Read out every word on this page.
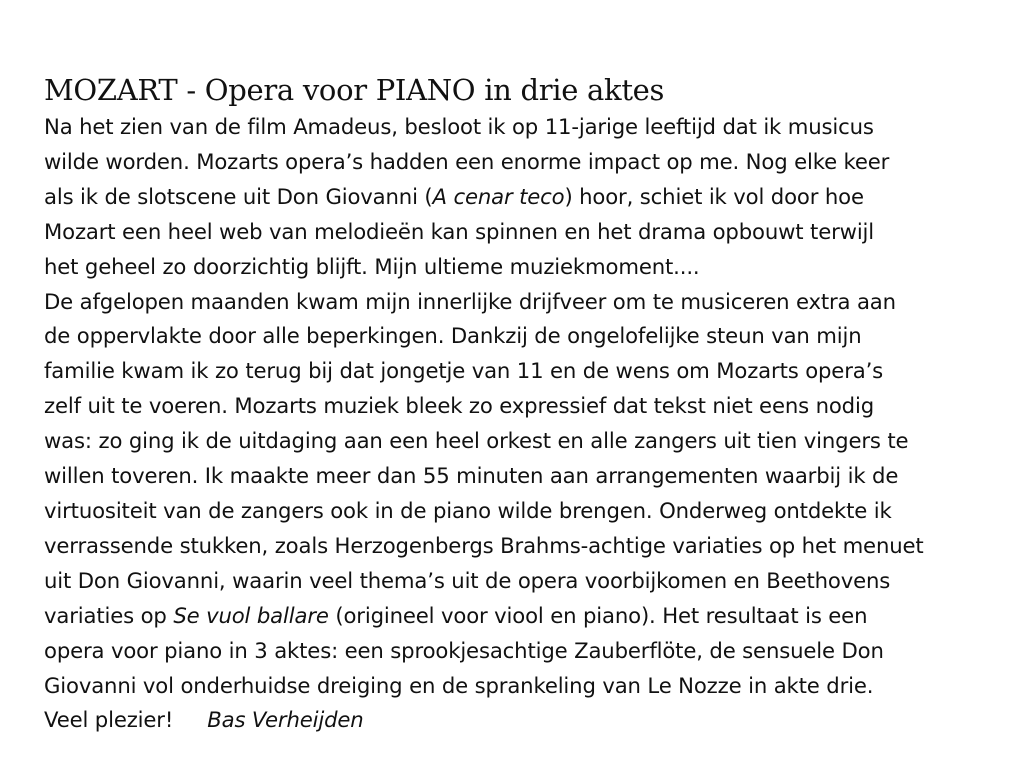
MOZART - Opera voor PIANO in drie aktes
Na het zien van de film Amadeus, besloot ik op 11-jarige leeftijd dat ik musicus
wilde worden. Mozarts opera’s hadden een enorme impact op me. Nog elke keer
als ik de slotscene uit Don Giovanni (A cenar teco) hoor, schiet ik vol door hoe
Mozart een heel web van melodieën kan spinnen en het drama opbouwt terwijl
het geheel zo doorzichtig blijft. Mijn ultieme muziekmoment....
De afgelopen maanden kwam mijn innerlijke drijfveer om te musiceren extra aan
de oppervlakte door alle beperkingen. Dankzij de ongelofelijke steun van mijn
familie kwam ik zo terug bij dat jongetje van 11 en de wens om Mozarts opera’s
zelf uit te voeren. Mozarts muziek bleek zo expressief dat tekst niet eens nodig
was: zo ging ik de uitdaging aan een heel orkest en alle zangers uit tien vingers te
willen toveren. Ik maakte meer dan 55 minuten aan arrangementen waarbij ik de
virtuositeit van de zangers ook in de piano wilde brengen. Onderweg ontdekte ik
verrassende stukken, zoals Herzogenbergs Brahms-achtige variaties op het menuet
uit Don Giovanni, waarin veel thema’s uit de opera voorbijkomen en Beethovens
variaties op Se vuol ballare (origineel voor viool en piano). Het resultaat is een
opera voor piano in 3 aktes: een sprookjesachtige Zauberflöte, de sensuele Don
Giovanni vol onderhuidse dreiging en de sprankeling van Le Nozze in akte drie.
Veel plezier! Bas Verheijden
